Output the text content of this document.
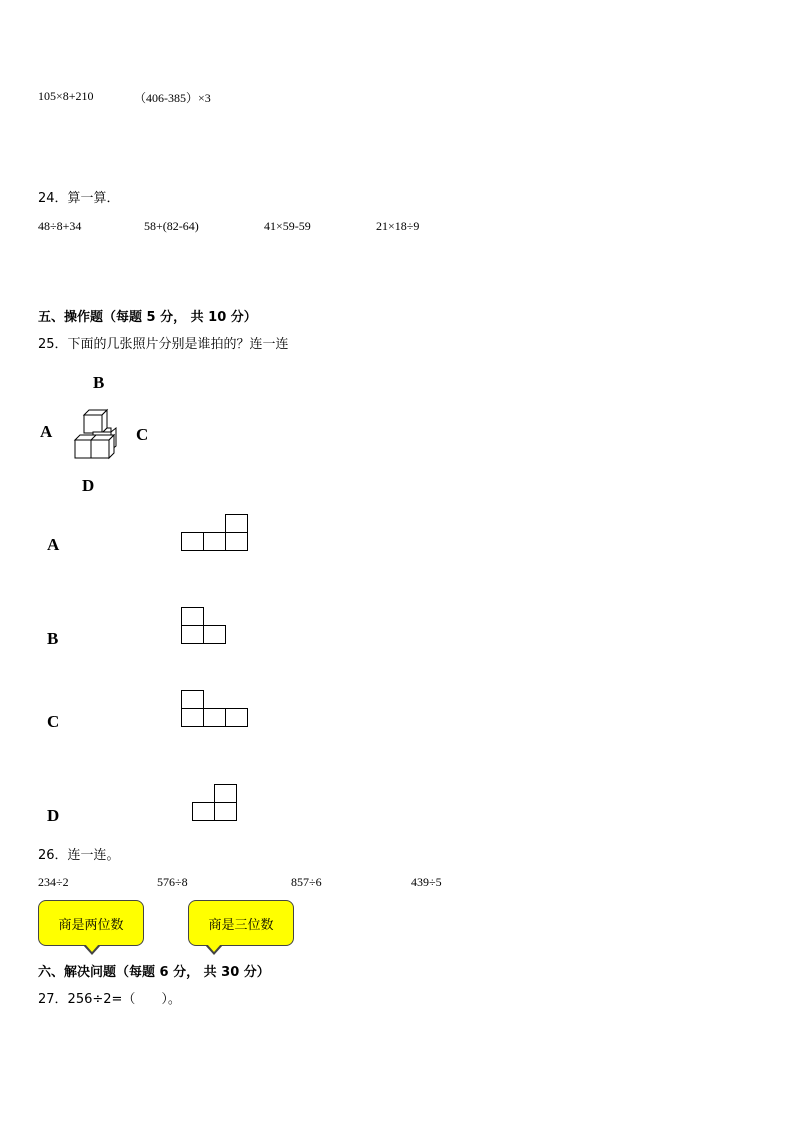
105×8+210	（406-385）×3
24．算一算．
48÷8+34	58+(82-64)	41×59-59	21×18÷9
五、操作题（每题 5 分， 共 10 分）
25．下面的几张照片分别是谁拍的？连一连
B
A	C
D
A
B
C
D
26．连一连。
234÷2	576÷8	857÷6	439÷5
商是两位数	商是三位数
六、解决问题（每题 6 分， 共 30 分）
27．256÷2=（　　）。
